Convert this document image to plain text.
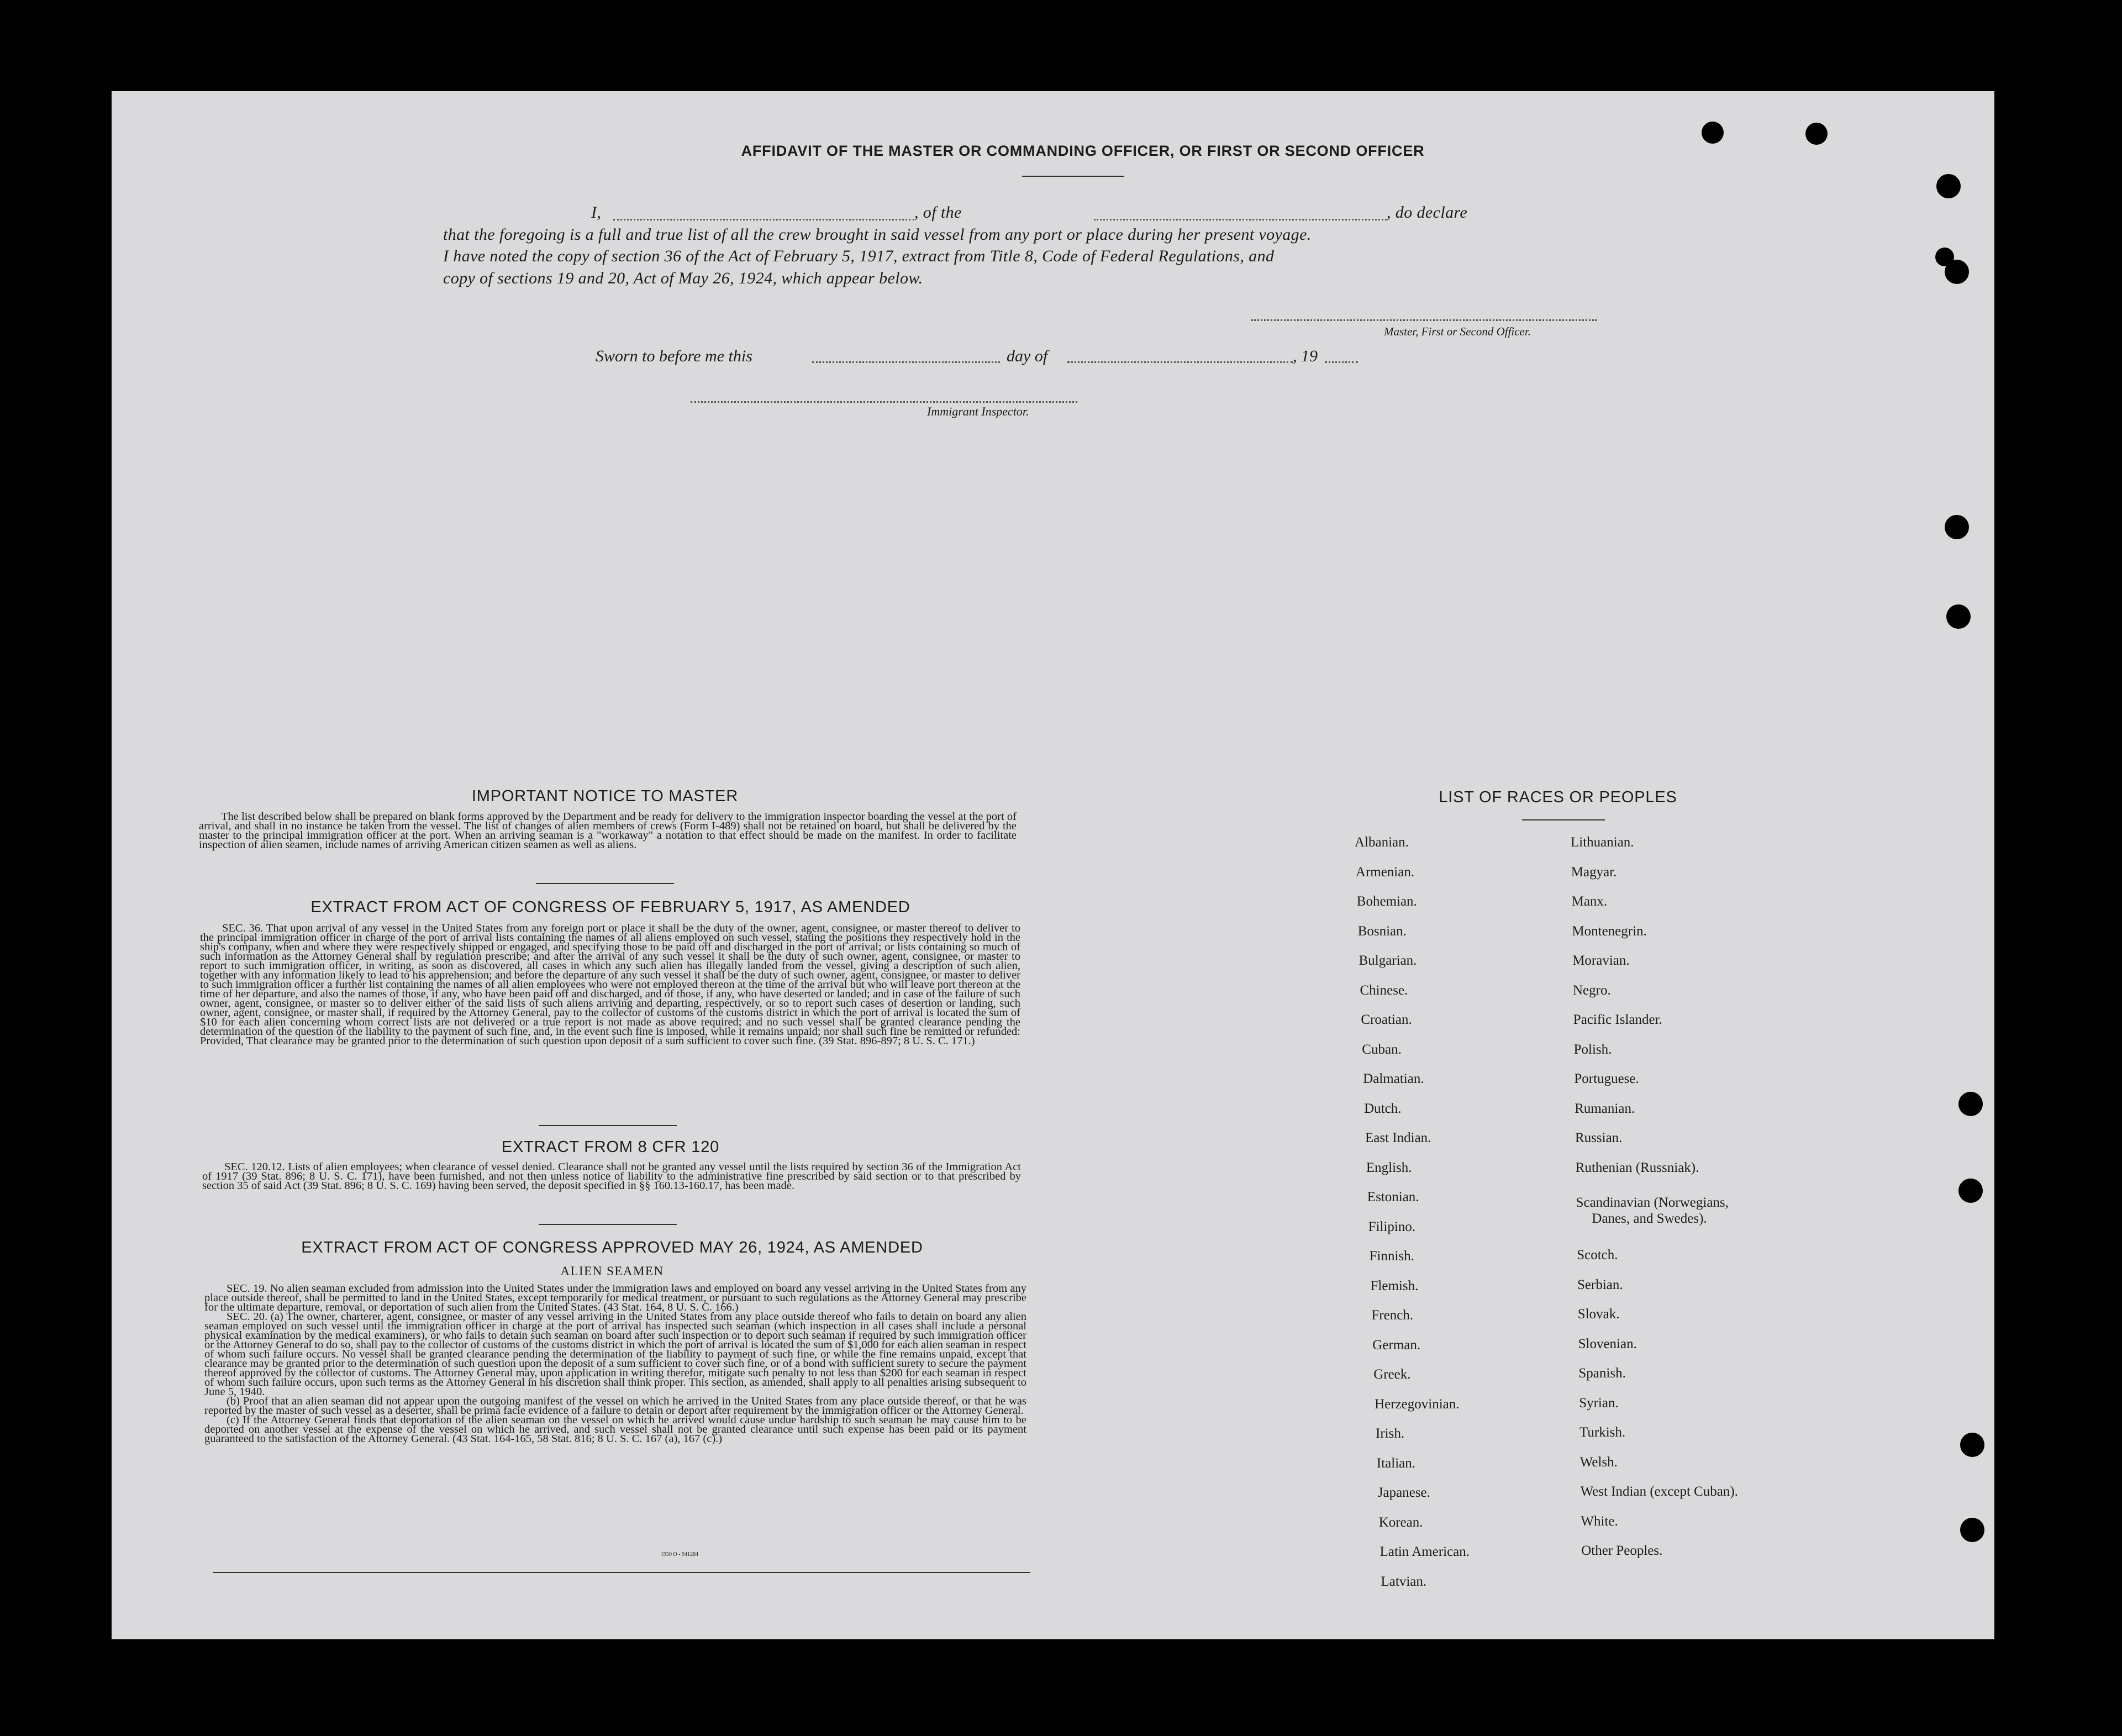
AFFIDAVIT OF THE MASTER OR COMMANDING OFFICER, OR FIRST OR SECOND OFFICER
I,	, of the	, do declare
that the foregoing is a full and true list of all the crew brought in said vessel from any port or place during her present voyage.
I have noted the copy of section 36 of the Act of February 5, 1917, extract from Title 8, Code of Federal Regulations, and
copy of sections 19 and 20, Act of May 26, 1924, which appear below.
Master, First or Second Officer.
Sworn to before me this	day of	, 19
Immigrant Inspector.
IMPORTANT NOTICE TO MASTER

The list described below shall be prepared on blank forms approved by the Department and be ready for delivery to the immigration inspector boarding the vessel at the port of arrival, and shall in no instance be taken from the vessel. The list of changes of alien members of crews (Form I-489) shall not be retained on board, but shall be delivered by the master to the principal immigration officer at the port. When an arriving seaman is a "workaway" a notation to that effect should be made on the manifest. In order to facilitate inspection of alien seamen, include names of arriving American citizen seamen as well as aliens.

EXTRACT FROM ACT OF CONGRESS OF FEBRUARY 5, 1917, AS AMENDED

SEC. 36. That upon arrival of any vessel in the United States from any foreign port or place it shall be the duty of the owner, agent, consignee, or master thereof to deliver to the principal immigration officer in charge of the port of arrival lists containing the names of all aliens employed on such vessel, stating the positions they respectively hold in the ship's company, when and where they were respectively shipped or engaged, and specifying those to be paid off and discharged in the port of arrival; or lists containing so much of such information as the Attorney General shall by regulation prescribe; and after the arrival of any such vessel it shall be the duty of such owner, agent, consignee, or master to report to such immigration officer, in writing, as soon as discovered, all cases in which any such alien has illegally landed from the vessel, giving a description of such alien, together with any information likely to lead to his apprehension; and before the departure of any such vessel it shall be the duty of such owner, agent, consignee, or master to deliver to such immigration officer a further list containing the names of all alien employees who were not employed thereon at the time of the arrival but who will leave port thereon at the time of her departure, and also the names of those, if any, who have been paid off and discharged, and of those, if any, who have deserted or landed; and in case of the failure of such owner, agent, consignee, or master so to deliver either of the said lists of such aliens arriving and departing, respectively, or so to report such cases of desertion or landing, such owner, agent, consignee, or master shall, if required by the Attorney General, pay to the collector of customs of the customs district in which the port of arrival is located the sum of $10 for each alien concerning whom correct lists are not delivered or a true report is not made as above required; and no such vessel shall be granted clearance pending the determination of the question of the liability to the payment of such fine, and, in the event such fine is imposed, while it remains unpaid; nor shall such fine be remitted or refunded: Provided, That clearance may be granted prior to the determination of such question upon deposit of a sum sufficient to cover such fine. (39 Stat. 896-897; 8 U. S. C. 171.)

EXTRACT FROM 8 CFR 120

SEC. 120.12. Lists of alien employees; when clearance of vessel denied. Clearance shall not be granted any vessel until the lists required by section 36 of the Immigration Act of 1917 (39 Stat. 896; 8 U. S. C. 171), have been furnished, and not then unless notice of liability to the administrative fine prescribed by said section or to that prescribed by section 35 of said Act (39 Stat. 896; 8 U. S. C. 169) having been served, the deposit specified in §§ 160.13-160.17, has been made.

EXTRACT FROM ACT OF CONGRESS APPROVED MAY 26, 1924, AS AMENDED
ALIEN SEAMEN

SEC. 19. No alien seaman excluded from admission into the United States under the immigration laws and employed on board any vessel arriving in the United States from any place outside thereof, shall be permitted to land in the United States, except temporarily for medical treatment, or pursuant to such regulations as the Attorney General may prescribe for the ultimate departure, removal, or deportation of such alien from the United States. (43 Stat. 164, 8 U. S. C. 166.)

SEC. 20. (a) The owner, charterer, agent, consignee, or master of any vessel arriving in the United States from any place outside thereof who fails to detain on board any alien seaman employed on such vessel until the immigration officer in charge at the port of arrival has inspected such seaman (which inspection in all cases shall include a personal physical examination by the medical examiners), or who fails to detain such seaman on board after such inspection or to deport such seaman if required by such immigration officer or the Attorney General to do so, shall pay to the collector of customs of the customs district in which the port of arrival is located the sum of $1,000 for each alien seaman in respect of whom such failure occurs. No vessel shall be granted clearance pending the determination of the liability to payment of such fine, or while the fine remains unpaid, except that clearance may be granted prior to the determination of such question upon the deposit of a sum sufficient to cover such fine, or of a bond with sufficient surety to secure the payment thereof approved by the collector of customs. The Attorney General may, upon application in writing therefor, mitigate such penalty to not less than $200 for each seaman in respect of whom such failure occurs, upon such terms as the Attorney General in his discretion shall think proper. This section, as amended, shall apply to all penalties arising subsequent to June 5, 1940.

(b) Proof that an alien seaman did not appear upon the outgoing manifest of the vessel on which he arrived in the United States from any place outside thereof, or that he was reported by the master of such vessel as a deserter, shall be prima facie evidence of a failure to detain or deport after requirement by the immigration officer or the Attorney General.

(c) If the Attorney General finds that deportation of the alien seaman on the vessel on which he arrived would cause undue hardship to such seaman he may cause him to be deported on another vessel at the expense of the vessel on which he arrived, and such vessel shall not be granted clearance until such expense has been paid or its payment guaranteed to the satisfaction of the Attorney General. (43 Stat. 164-165, 58 Stat. 816; 8 U. S. C. 167 (a), 167 (c).)

1950 O - 941284
LIST OF RACES OR PEOPLES
Albanian.
Armenian.
Bohemian.
Bosnian.
Bulgarian.
Chinese.
Croatian.
Cuban.
Dalmatian.
Dutch.
East Indian.
English.
Estonian.
Filipino.
Finnish.
Flemish.
French.
German.
Greek.
Herzegovinian.
Irish.
Italian.
Japanese.
Korean.
Latin American.
Latvian.
Lithuanian.
Magyar.
Manx.
Montenegrin.
Moravian.
Negro.
Pacific Islander.
Polish.
Portuguese.
Rumanian.
Russian.
Ruthenian (Russniak).
Scandinavian (Norwegians,
Danes, and Swedes).
Scotch.
Serbian.
Slovak.
Slovenian.
Spanish.
Syrian.
Turkish.
Welsh.
West Indian (except Cuban).
White.
Other Peoples.
